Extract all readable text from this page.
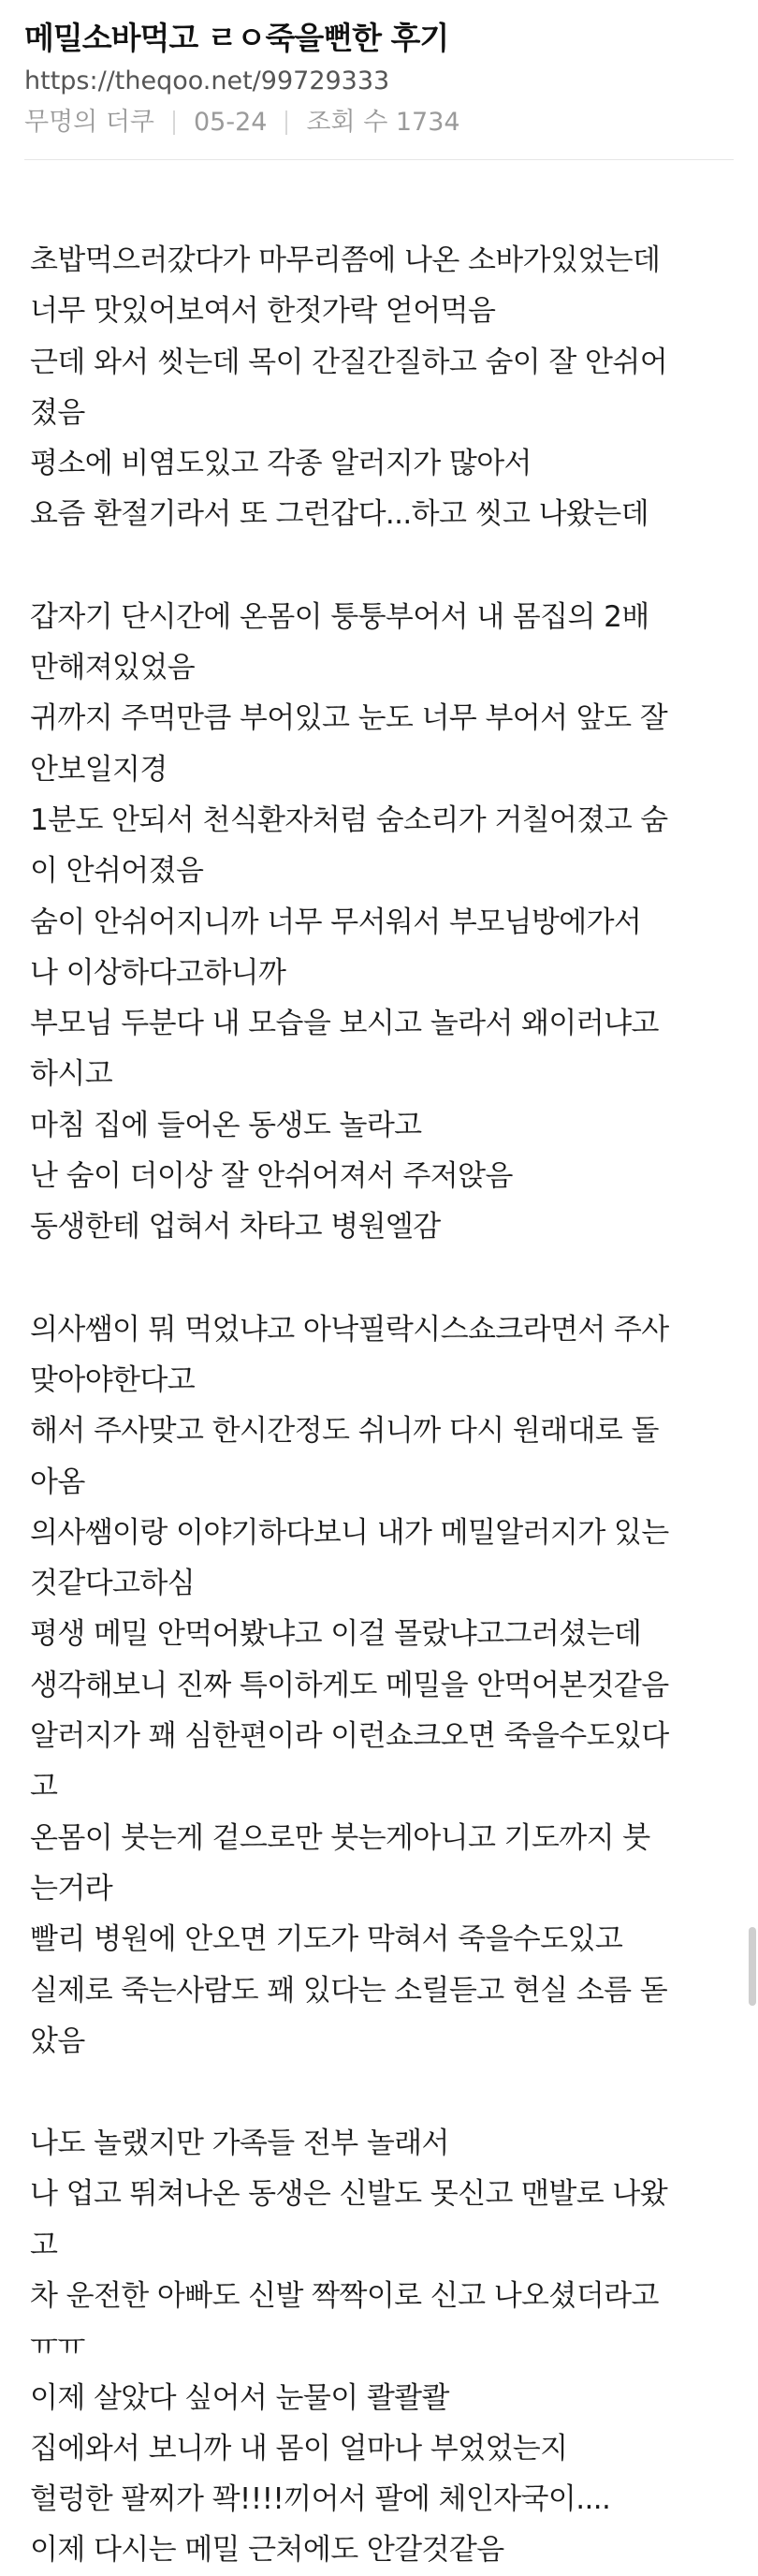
메밀소바먹고 ㄹㅇ죽을뻔한 후기
https://theqoo.net/99729333
무명의 더쿠 05-24 조회 수 1734
초밥먹으러갔다가 마무리쯤에 나온 소바가있었는데
너무 맛있어보여서 한젓가락 얻어먹음
근데 와서 씻는데 목이 간질간질하고 숨이 잘 안쉬어
졌음
평소에 비염도있고 각종 알러지가 많아서
요즘 환절기라서 또 그런갑다...하고 씻고 나왔는데
갑자기 단시간에 온몸이 퉁퉁부어서 내 몸집의 2배
만해져있었음
귀까지 주먹만큼 부어있고 눈도 너무 부어서 앞도 잘
안보일지경
1분도 안되서 천식환자처럼 숨소리가 거칠어졌고 숨
이 안쉬어졌음
숨이 안쉬어지니까 너무 무서워서 부모님방에가서
나 이상하다고하니까
부모님 두분다 내 모습을 보시고 놀라서 왜이러냐고
하시고
마침 집에 들어온 동생도 놀라고
난 숨이 더이상 잘 안쉬어져서 주저앉음
동생한테 업혀서 차타고 병원엘감
의사쌤이 뭐 먹었냐고 아낙필락시스쇼크라면서 주사
맞아야한다고
해서 주사맞고 한시간정도 쉬니까 다시 원래대로 돌
아옴
의사쌤이랑 이야기하다보니 내가 메밀알러지가 있는
것같다고하심
평생 메밀 안먹어봤냐고 이걸 몰랐냐고그러셨는데
생각해보니 진짜 특이하게도 메밀을 안먹어본것같음
알러지가 꽤 심한편이라 이런쇼크오면 죽을수도있다
고
온몸이 붓는게 겉으로만 붓는게아니고 기도까지 붓
는거라
빨리 병원에 안오면 기도가 막혀서 죽을수도있고
실제로 죽는사람도 꽤 있다는 소릴듣고 현실 소름 돋
았음
나도 놀랬지만 가족들 전부 놀래서
나 업고 뛰쳐나온 동생은 신발도 못신고 맨발로 나왔
고
차 운전한 아빠도 신발 짝짝이로 신고 나오셨더라고
ㅠㅠ
이제 살았다 싶어서 눈물이 콸콸콸
집에와서 보니까 내 몸이 얼마나 부었었는지
헐렁한 팔찌가 꽉!!!!끼어서 팔에 체인자국이....
이제 다시는 메밀 근처에도 안갈것같음
